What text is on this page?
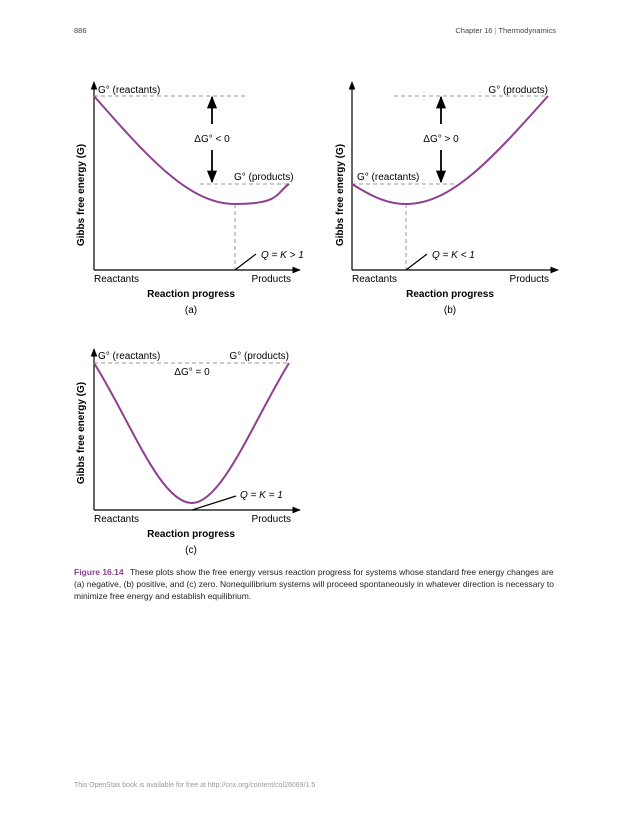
886	Chapter 16 | Thermodynamics
ΔG° < 0
G° (reactants)
G° (products)
Q = K > 1
Reactants	Products
Reaction progress
Gibbs free energy (G)
(a)
ΔG° > 0
G° (products)
G° (reactants)
Q = K < 1
Reactants	Products
Reaction progress
Gibbs free energy (G)
(b)
G° (reactants)	G° (products)
ΔG° = 0
Q = K = 1
Reactants	Products
Reaction progress
Gibbs free energy (G)
(c)
Figure 16.14 These plots show the free energy versus reaction progress for systems whose standard free energy changes are (a) negative, (b) positive, and (c) zero. Nonequilibrium systems will proceed spontaneously in whatever direction is necessary to minimize free energy and establish equilibrium.
This OpenStax book is available for free at http://cnx.org/content/col26069/1.5
